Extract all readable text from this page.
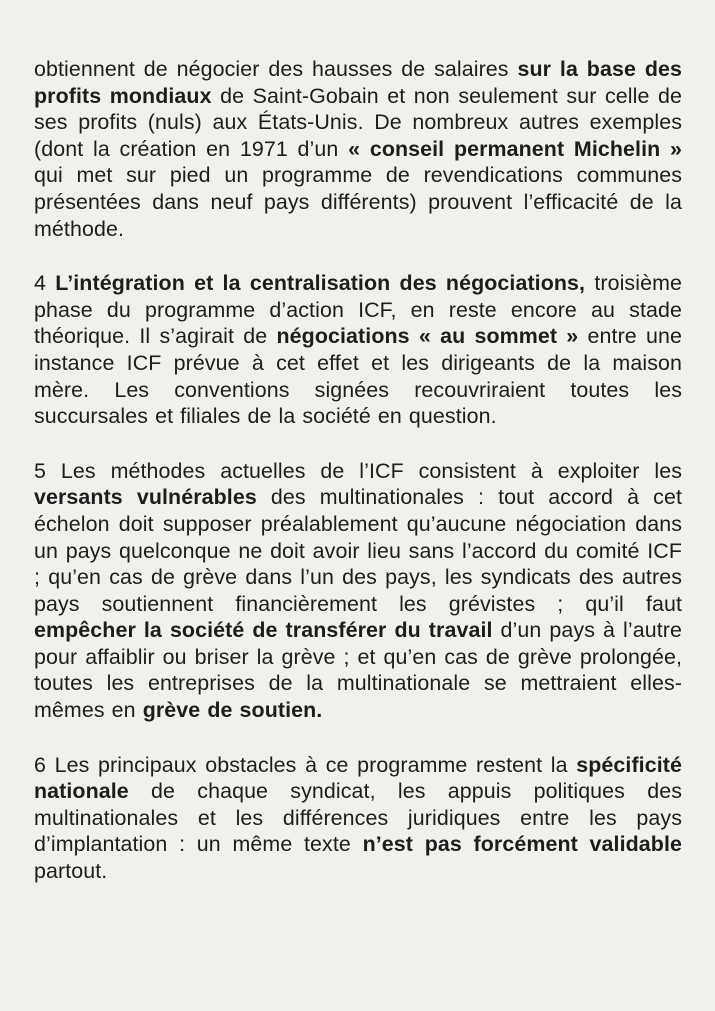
obtiennent de négocier des hausses de salaires sur la base des profits mondiaux de Saint-Gobain et non seulement sur celle de ses profits (nuls) aux États-Unis. De nombreux autres exemples (dont la création en 1971 d’un « conseil permanent Michelin » qui met sur pied un programme de revendications communes présentées dans neuf pays différents) prouvent l’efficacité de la méthode.

4 L’intégration et la centralisation des négociations, troisième phase du programme d’action ICF, en reste encore au stade théorique. Il s’agirait de négociations « au sommet » entre une instance ICF prévue à cet effet et les dirigeants de la maison mère. Les conventions signées recouvriraient toutes les succursales et filiales de la société en question.

5 Les méthodes actuelles de l’ICF consistent à exploiter les versants vulnérables des multinationales : tout accord à cet échelon doit supposer préalablement qu’aucune négociation dans un pays quelconque ne doit avoir lieu sans l’accord du comité ICF ; qu’en cas de grève dans l’un des pays, les syndicats des autres pays soutiennent financièrement les grévistes ; qu’il faut empêcher la société de transférer du travail d’un pays à l’autre pour affaiblir ou briser la grève ; et qu’en cas de grève prolongée, toutes les entreprises de la multinationale se mettraient elles-mêmes en grève de soutien.

6 Les principaux obstacles à ce programme restent la spécificité nationale de chaque syndicat, les appuis politiques des multinationales et les différences juridiques entre les pays d’implantation : un même texte n’est pas forcément validable partout.
